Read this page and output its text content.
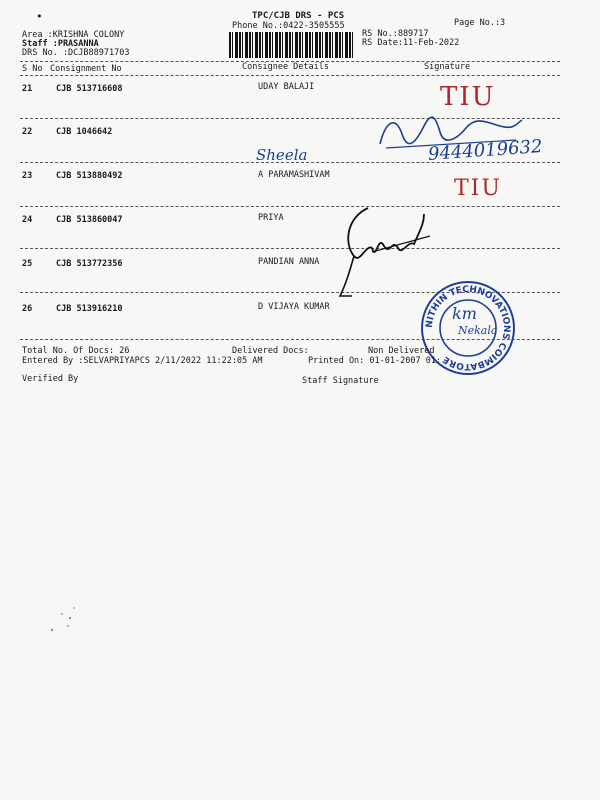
•	TPC/CJB DRS - PCS
Phone No.:0422-3505555	Page No.:3
Area :KRISHNA COLONY
Staff :PRASANNA
DRS No. :DCJB88971703
RS No.:889717
RS Date:11-Feb-2022
S No Consignment No	Consignee Details	Signature
21	CJB 513716608	UDAY BALAJI
22	CJB 1046642
23	CJB 513880492	A PARAMASHIVAM
24	CJB 513860047	PRIYA
25	CJB 513772356	PANDIAN ANNA
26	CJB 513916210	D VIJAYA KUMAR
TIU
Sheela	9444019632
TIU
NITHIN TECHNOVATIONS COIMBATORE
km
Nekala
Total No. Of Docs: 26	Delivered Docs:	Non Delivered
Entered By :SELVAPRIYAPCS 2/11/2022 11:22:05 AM	Printed On: 01-01-2007 01:
Verified By	Staff Signature
